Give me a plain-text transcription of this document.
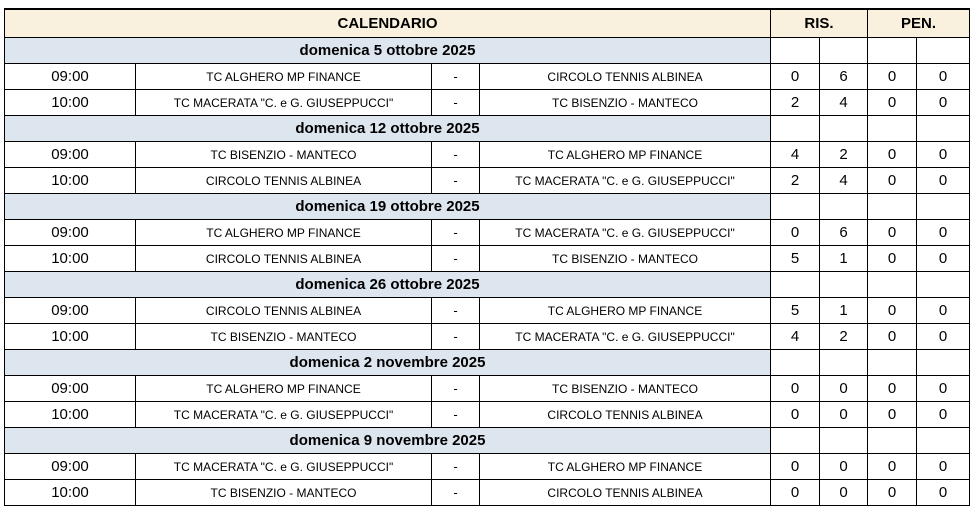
CALENDARIO				RIS.		PEN.	
domenica 5 ottobre 2025							
09:00	TC ALGHERO MP FINANCE	-	CIRCOLO TENNIS ALBINEA	0	6	0	0
10:00	TC MACERATA "C. e G. GIUSEPPUCCI"	-	TC BISENZIO - MANTECO	2	4	0	0
domenica 12 ottobre 2025							
09:00	TC BISENZIO - MANTECO	-	TC ALGHERO MP FINANCE	4	2	0	0
10:00	CIRCOLO TENNIS ALBINEA	-	TC MACERATA "C. e G. GIUSEPPUCCI"	2	4	0	0
domenica 19 ottobre 2025							
09:00	TC ALGHERO MP FINANCE	-	TC MACERATA "C. e G. GIUSEPPUCCI"	0	6	0	0
10:00	CIRCOLO TENNIS ALBINEA	-	TC BISENZIO - MANTECO	5	1	0	0
domenica 26 ottobre 2025							
09:00	CIRCOLO TENNIS ALBINEA	-	TC ALGHERO MP FINANCE	5	1	0	0
10:00	TC BISENZIO - MANTECO	-	TC MACERATA "C. e G. GIUSEPPUCCI"	4	2	0	0
domenica 2 novembre 2025							
09:00	TC ALGHERO MP FINANCE	-	TC BISENZIO - MANTECO	0	0	0	0
10:00	TC MACERATA "C. e G. GIUSEPPUCCI"	-	CIRCOLO TENNIS ALBINEA	0	0	0	0
domenica 9 novembre 2025							
09:00	TC MACERATA "C. e G. GIUSEPPUCCI"	-	TC ALGHERO MP FINANCE	0	0	0	0
10:00	TC BISENZIO - MANTECO	-	CIRCOLO TENNIS ALBINEA	0	0	0	0
